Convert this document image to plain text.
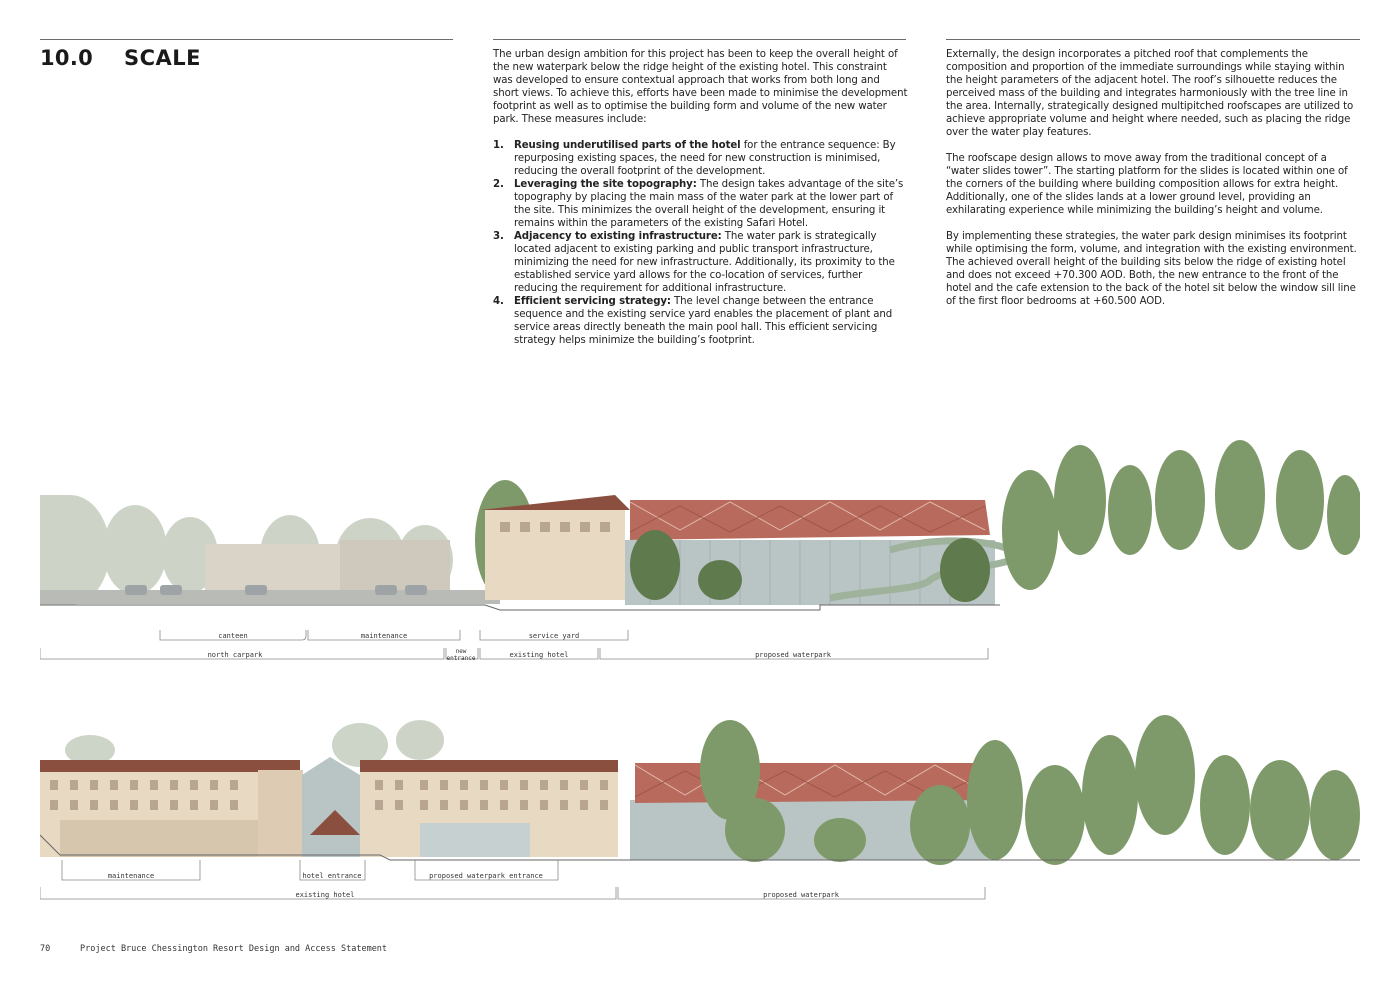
10.0 SCALE	The urban design ambition for this project has been to keep the overall height of the new waterpark below the ridge height of the existing hotel. This constraint was developed to ensure contextual approach that works from both long and short views. To achieve this, efforts have been made to minimise the development footprint as well as to optimise the building form and volume of the new water park. These measures include:

1. Reusing underutilised parts of the hotel for the entrance sequence: By repurposing existing spaces, the need for new construction is minimised, reducing the overall footprint of the development.
2. Leveraging the site topography: The design takes advantage of the site’s topography by placing the main mass of the water park at the lower part of the site. This minimizes the overall height of the development, ensuring it remains within the parameters of the existing Safari Hotel.
3. Adjacency to existing infrastructure: The water park is strategically located adjacent to existing parking and public transport infrastructure, minimizing the need for new infrastructure. Additionally, its proximity to the established service yard allows for the co-location of services, further reducing the requirement for additional infrastructure.
4. Efficient servicing strategy: The level change between the entrance sequence and the existing service yard enables the placement of plant and service areas directly beneath the main pool hall. This efficient servicing strategy helps minimize the building’s footprint.

Externally, the design incorporates a pitched roof that complements the composition and proportion of the immediate surroundings while staying within the height parameters of the adjacent hotel. The roof’s silhouette reduces the perceived mass of the building and integrates harmoniously with the tree line in the area. Internally, strategically designed multipitched roofscapes are utilized to achieve appropriate volume and height where needed, such as placing the ridge over the water play features.

The roofscape design allows to move away from the traditional concept of a “water slides tower”. The starting platform for the slides is located within one of the corners of the building where building composition allows for extra height. Additionally, one of the slides lands at a lower ground level, providing an exhilarating experience while minimizing the building’s height and volume.

By implementing these strategies, the water park design minimises its footprint while optimising the form, volume, and integration with the existing environment. The achieved overall height of the building sits below the ridge of existing hotel and does not exceed +70.300 AOD. Both, the new entrance to the front of the hotel and the cafe extension to the back of the hotel sit below the window sill line of the first floor bedrooms at +60.500 AOD.

canteen	maintenance	service yard
north carpark	new
entrance	existing hotel	proposed waterpark
maintenance	hotel entrance	proposed waterpark entrance
existing hotel	proposed waterpark
70	Project Bruce Chessington Resort Design and Access Statement
